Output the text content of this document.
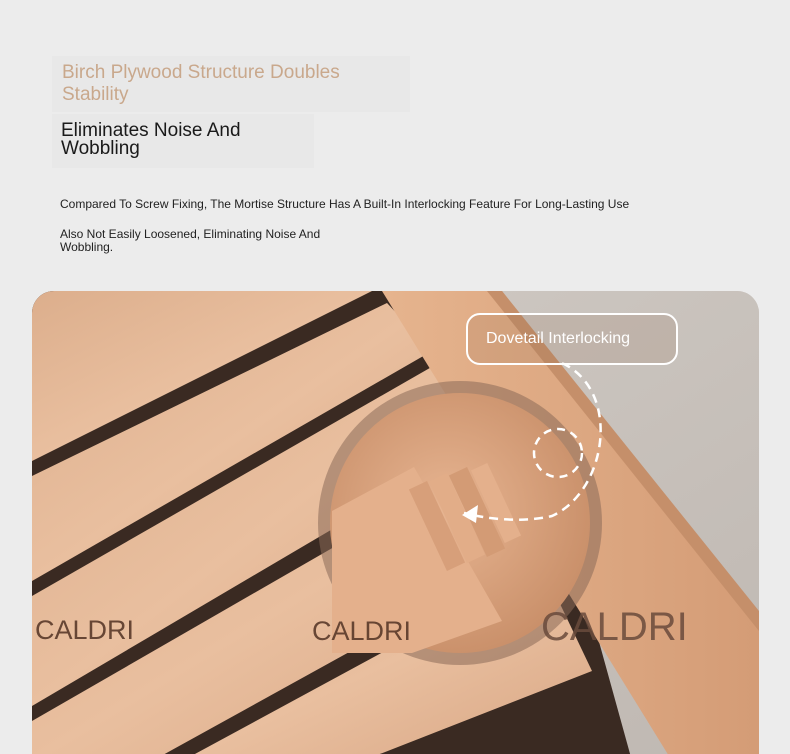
Birch Plywood Structure Doubles Stability
Eliminates Noise And Wobbling
Compared To Screw Fixing, The Mortise Structure Has A Built-In Interlocking Feature For Long-Lasting Use
Also Not Easily Loosened, Eliminating Noise And Wobbling.
Dovetail Interlocking
CALDRI	CALDRI	CALDRI
